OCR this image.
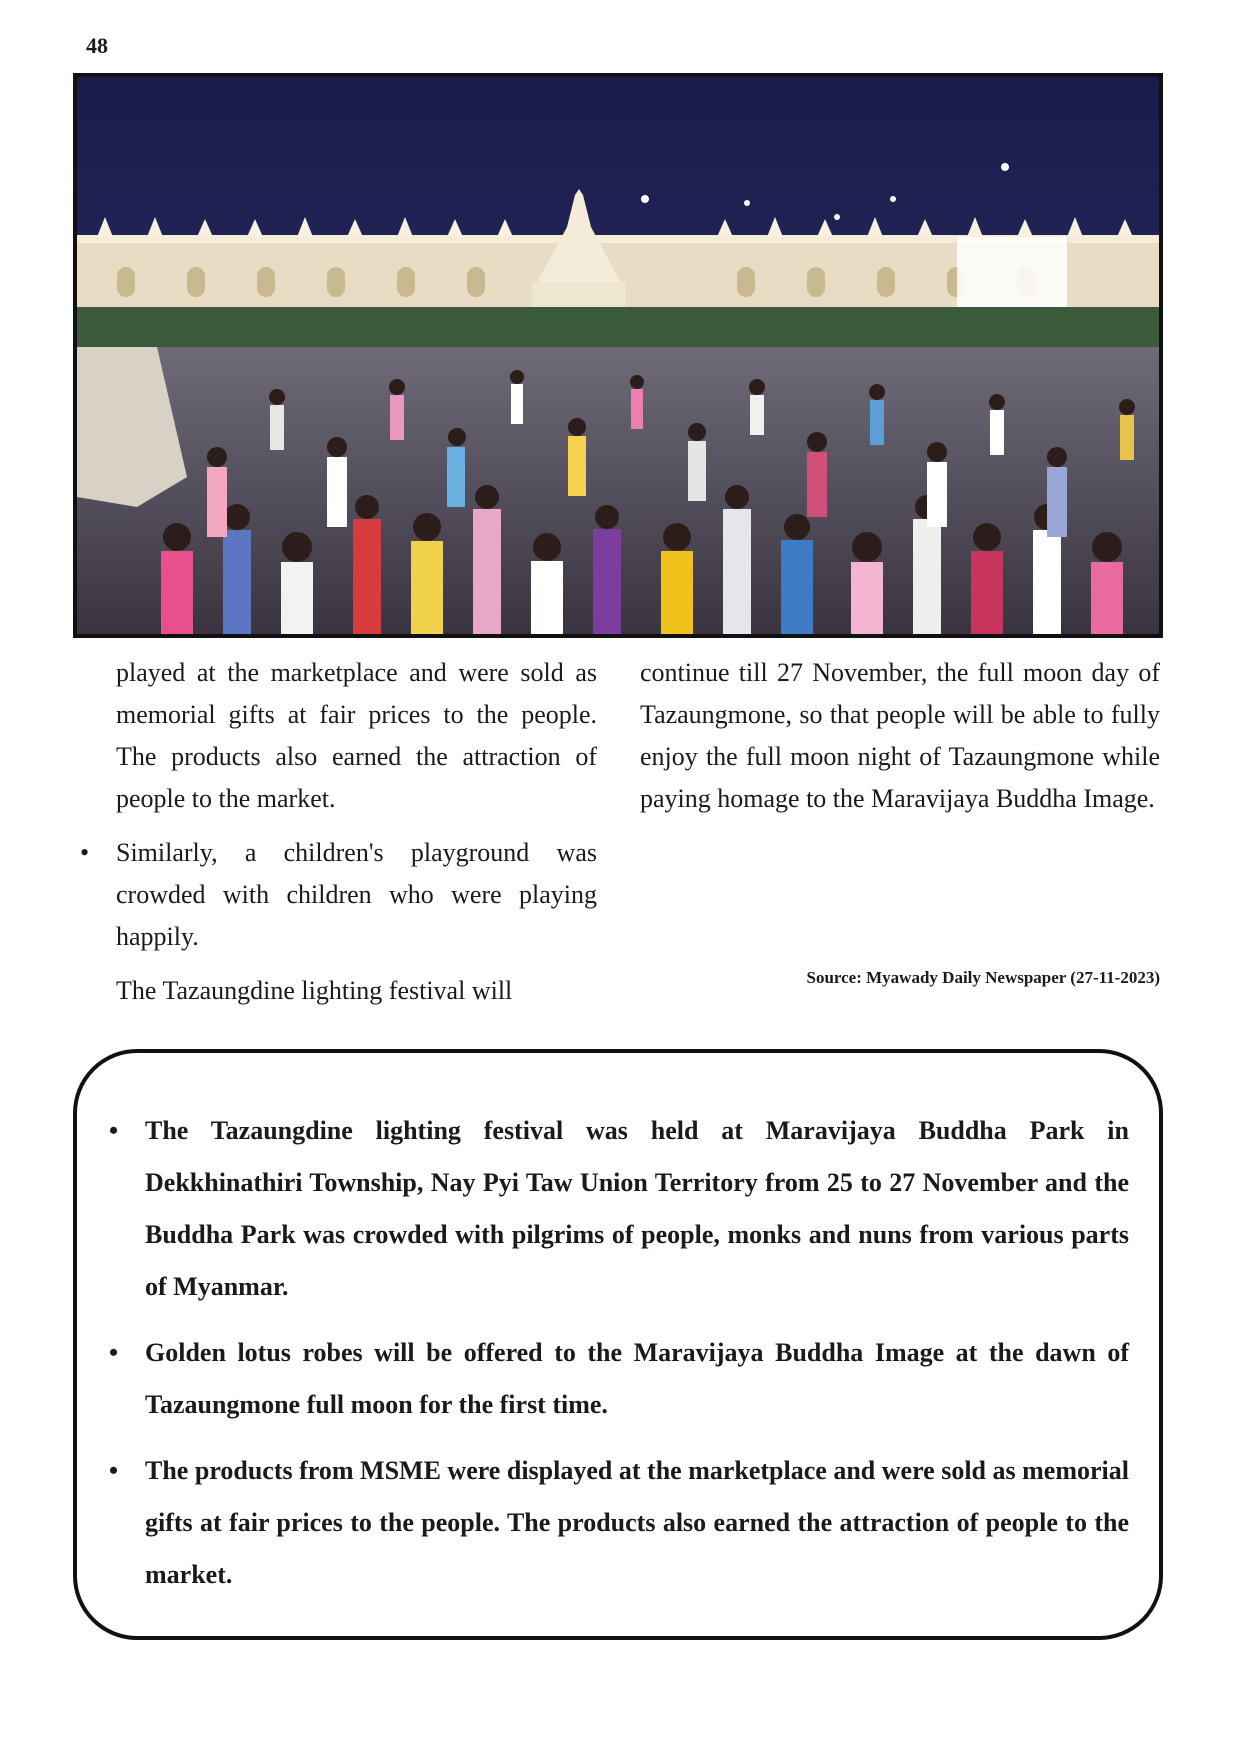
48

played at the marketplace and were sold as memorial gifts at fair prices to the people. The products also earned the attraction of people to the market.

• Similarly, a children's playground was crowded with children who were playing happily.

The Tazaungdine lighting festival will

continue till 27 November, the full moon day of Tazaungmone, so that people will be able to fully enjoy the full moon night of Tazaungmone while paying homage to the Maravijaya Buddha Image.

Source: Myawady Daily Newspaper (27-11-2023)
• The Tazaungdine lighting festival was held at Maravijaya Buddha Park in Dekkhinathiri Township, Nay Pyi Taw Union Territory from 25 to 27 November and the Buddha Park was crowded with pilgrims of people, monks and nuns from various parts of Myanmar.
• Golden lotus robes will be offered to the Maravijaya Buddha Image at the dawn of Tazaungmone full moon for the first time.
• The products from MSME were displayed at the marketplace and were sold as memorial gifts at fair prices to the people. The products also earned the attraction of people to the market.
